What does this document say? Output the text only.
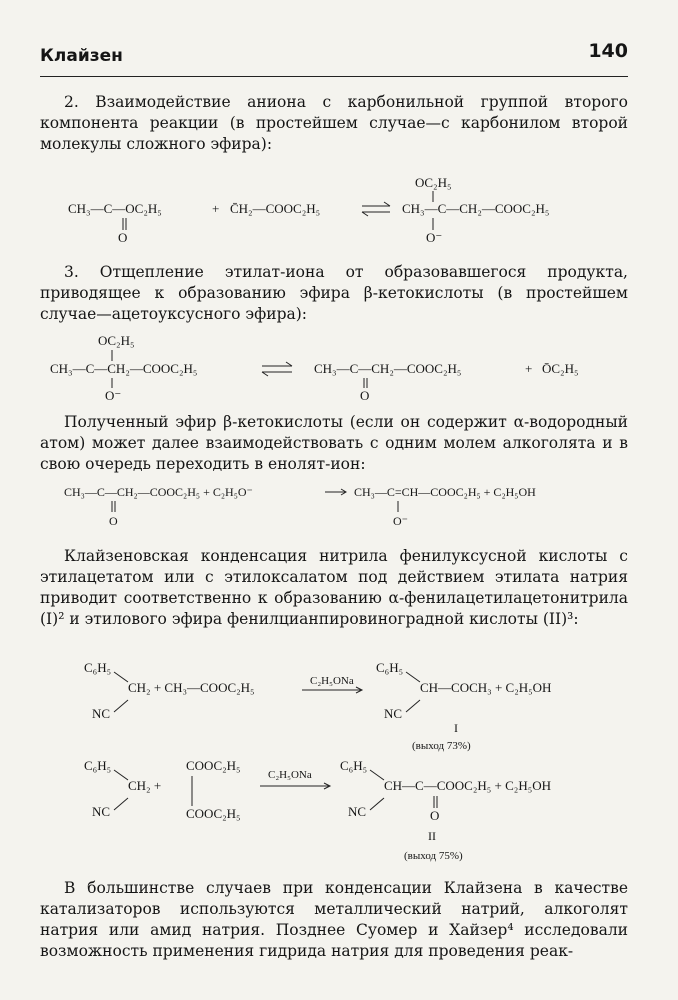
Клайзен	140

2. Взаимодействие аниона с карбонильной группой второго компонента реакции (в простейшем случае—с карбонилом второй молекулы сложного эфира):

CH₃—C—OC₂H₅
O
+ C̄H₂—COOC₂H₅
OC₂H₅
CH₃—C—CH₂—COOC₂H₅
O⁻

3. Отщепление этилат-иона от образовавшегося продукта, приводящее к образованию эфира β-кетокислоты (в простейшем случае—ацетоуксусного эфира):

OC₂H₅
CH₃—C—CH₂—COOC₂H₅
O⁻
CH₃—C—CH₂—COOC₂H₅
O
+ ŌC₂H₅

Полученный эфир β-кетокислоты (если он содержит α-водородный атом) может далее взаимодействовать с одним молем алкоголята и в свою очередь переходить в енолят-ион:

CH₃—C—CH₂—COOC₂H₅ + C₂H₅O⁻
O
CH₃—C=CH—COOC₂H₅ + C₂H₅OH
O⁻

Клайзеновская конденсация нитрила фенилуксусной кислоты с этилацетатом или с этилоксалатом под действием этилата натрия приводит соответственно к образованию α-фенилацетилацетонитрила (I)² и этилового эфира фенилцианпировиноградной кислоты (II)³:

C₆H₅
CH₂ + CH₃—COOC₂H₅
NC
C₂H₅ONa
C₆H₅
CH—COCH₃ + C₂H₅OH
NC
I
(выход 73%)
C₆H₅
CH₂ +
NC
COOC₂H₅
COOC₂H₅
C₂H₅ONa
C₆H₅
CH—C—COOC₂H₅ + C₂H₅OH
NC	O
II
(выход 75%)

В большинстве случаев при конденсации Клайзена в качестве катализаторов используются металлический натрий, алкоголят натрия или амид натрия. Позднее Суомер и Хайзер⁴ исследовали возможность применения гидрида натрия для проведения реак-
